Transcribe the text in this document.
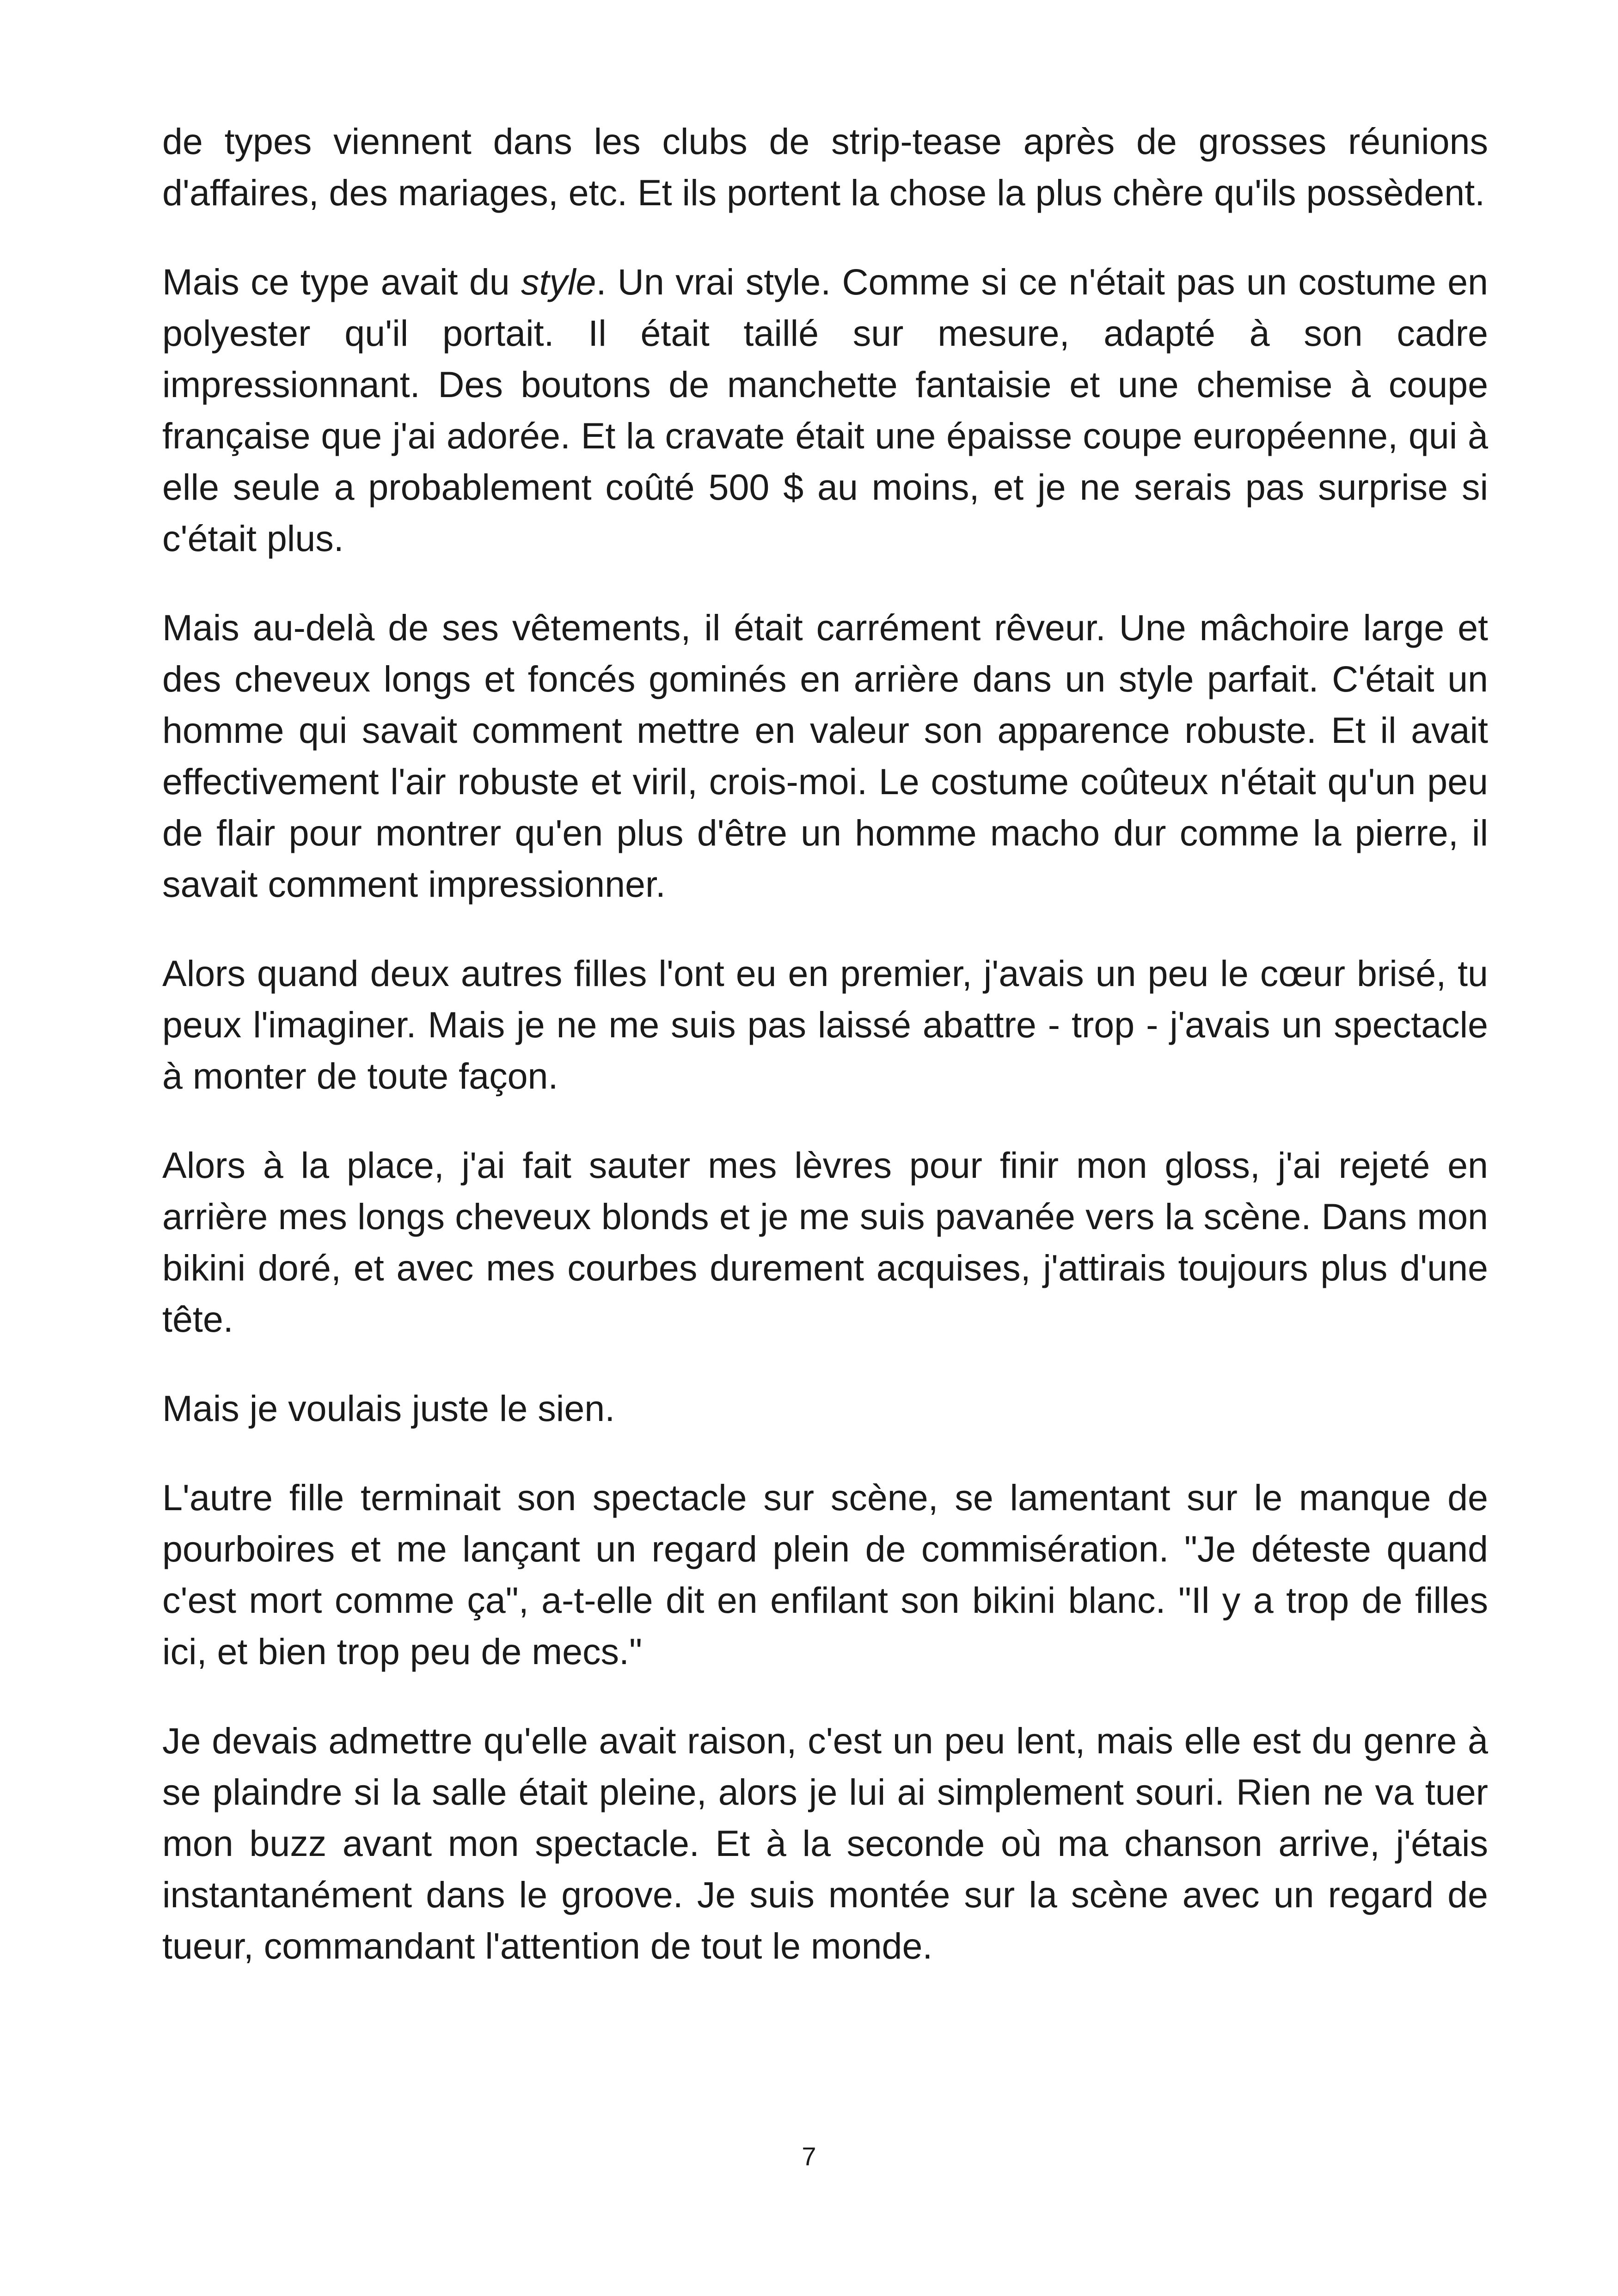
de types viennent dans les clubs de strip-tease après de grosses réunions d'affaires, des mariages, etc. Et ils portent la chose la plus chère qu'ils possèdent.

Mais ce type avait du style. Un vrai style. Comme si ce n'était pas un costume en polyester qu'il portait. Il était taillé sur mesure, adapté à son cadre impressionnant. Des boutons de manchette fantaisie et une chemise à coupe française que j'ai adorée. Et la cravate était une épaisse coupe européenne, qui à elle seule a probablement coûté 500 $ au moins, et je ne serais pas surprise si c'était plus.

Mais au-delà de ses vêtements, il était carrément rêveur. Une mâchoire large et des cheveux longs et foncés gominés en arrière dans un style parfait. C'était un homme qui savait comment mettre en valeur son apparence robuste. Et il avait effectivement l'air robuste et viril, crois-moi. Le costume coûteux n'était qu'un peu de flair pour montrer qu'en plus d'être un homme macho dur comme la pierre, il savait comment impressionner.

Alors quand deux autres filles l'ont eu en premier, j'avais un peu le cœur brisé, tu peux l'imaginer. Mais je ne me suis pas laissé abattre - trop - j'avais un spectacle à monter de toute façon.

Alors à la place, j'ai fait sauter mes lèvres pour finir mon gloss, j'ai rejeté en arrière mes longs cheveux blonds et je me suis pavanée vers la scène. Dans mon bikini doré, et avec mes courbes durement acquises, j'attirais toujours plus d'une tête.

Mais je voulais juste le sien.

L'autre fille terminait son spectacle sur scène, se lamentant sur le manque de pourboires et me lançant un regard plein de commisération. "Je déteste quand c'est mort comme ça", a-t-elle dit en enfilant son bikini blanc. "Il y a trop de filles ici, et bien trop peu de mecs."

Je devais admettre qu'elle avait raison, c'est un peu lent, mais elle est du genre à se plaindre si la salle était pleine, alors je lui ai simplement souri. Rien ne va tuer mon buzz avant mon spectacle. Et à la seconde où ma chanson arrive, j'étais instantanément dans le groove. Je suis montée sur la scène avec un regard de tueur, commandant l'attention de tout le monde.

7
